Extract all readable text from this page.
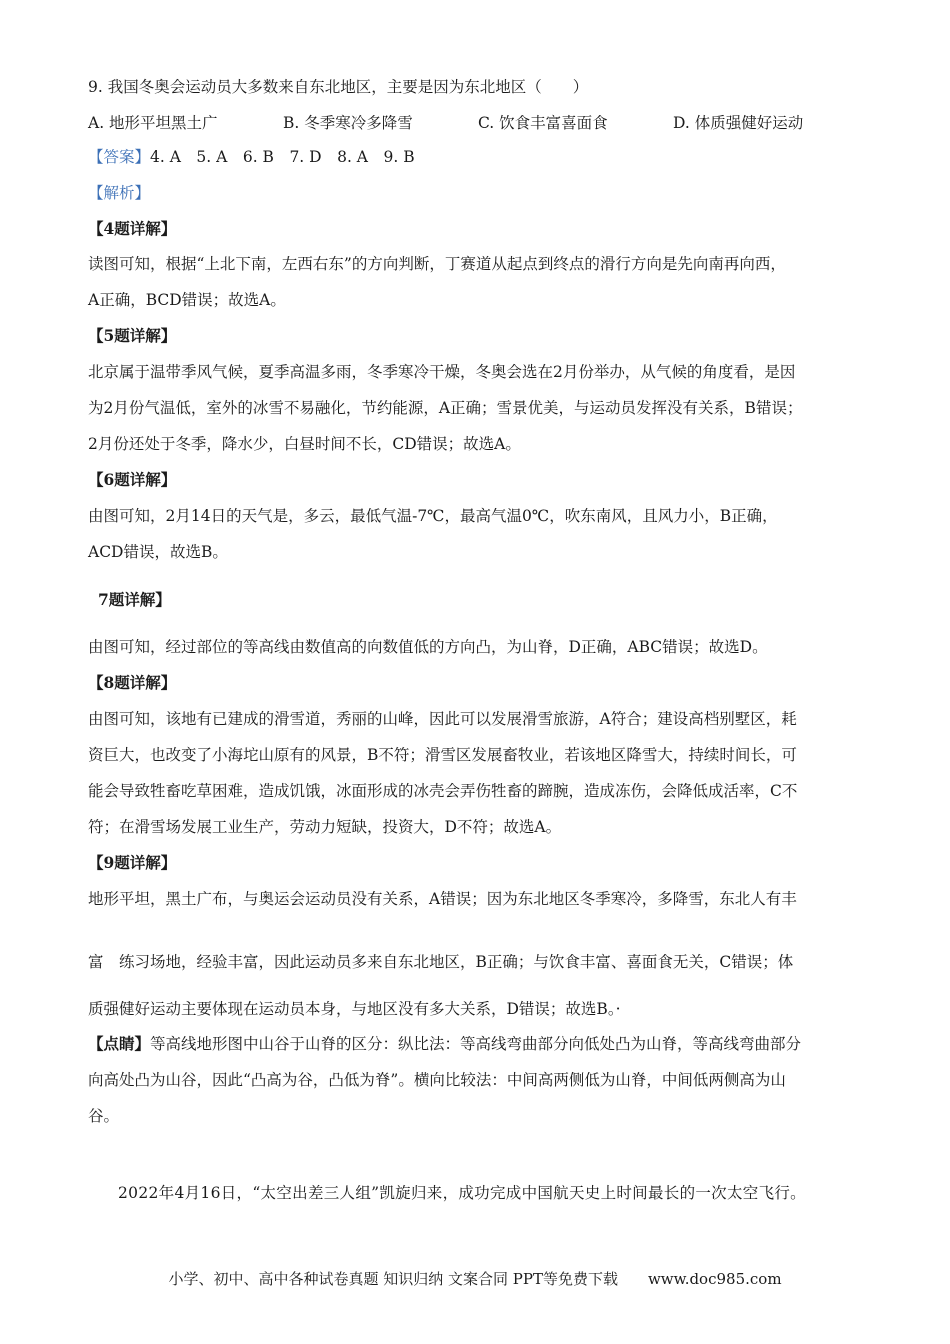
9. 我国冬奥会运动员大多数来自东北地区，主要是因为东北地区（　　）
A. 地形平坦黑土广	B. 冬季寒冷多降雪	C. 饮食丰富喜面食	D. 体质强健好运动
【答案】4. A　5. A　6. B　7. D　8. A　9. B
【解析】
【4题详解】
读图可知，根据“上北下南，左西右东”的方向判断，丁赛道从起点到终点的滑行方向是先向南再向西，
A正确，BCD错误；故选A。
【5题详解】
北京属于温带季风气候，夏季高温多雨，冬季寒冷干燥，冬奥会选在2月份举办，从气候的角度看，是因
为2月份气温低，室外的冰雪不易融化，节约能源，A正确；雪景优美，与运动员发挥没有关系，B错误；
2月份还处于冬季，降水少，白昼时间不长，CD错误；故选A。
【6题详解】
由图可知，2月14日的天气是，多云，最低气温-7℃，最高气温0℃，吹东南风，且风力小，B正确，
ACD错误，故选B。
7题详解】
由图可知，经过部位的等高线由数值高的向数值低的方向凸，为山脊，D正确，ABC错误；故选D。
【8题详解】
由图可知，该地有已建成的滑雪道，秀丽的山峰，因此可以发展滑雪旅游，A符合；建设高档别墅区，耗
资巨大，也改变了小海坨山原有的风景，B不符；滑雪区发展畜牧业，若该地区降雪大，持续时间长，可
能会导致牲畜吃草困难，造成饥饿，冰面形成的冰壳会弄伤牲畜的蹄腕，造成冻伤，会降低成活率，C不
符；在滑雪场发展工业生产，劳动力短缺，投资大，D不符；故选A。
【9题详解】
地形平坦，黑土广布，与奥运会运动员没有关系，A错误；因为东北地区冬季寒冷，多降雪，东北人有丰
富　练习场地，经验丰富，因此运动员多来自东北地区，B正确；与饮食丰富、喜面食无关，C错误；体
质强健好运动主要体现在运动员本身，与地区没有多大关系，D错误；故选B。·
【点睛】等高线地形图中山谷于山脊的区分：纵比法：等高线弯曲部分向低处凸为山脊，等高线弯曲部分
向高处凸为山谷，因此“凸高为谷，凸低为脊”。横向比较法：中间高两侧低为山脊，中间低两侧高为山
谷。
2022年4月16日，“太空出差三人组”凯旋归来，成功完成中国航天史上时间最长的一次太空飞行。
小学、初中、高中各种试卷真题 知识归纳 文案合同 PPT等免费下载　　www.doc985.com
